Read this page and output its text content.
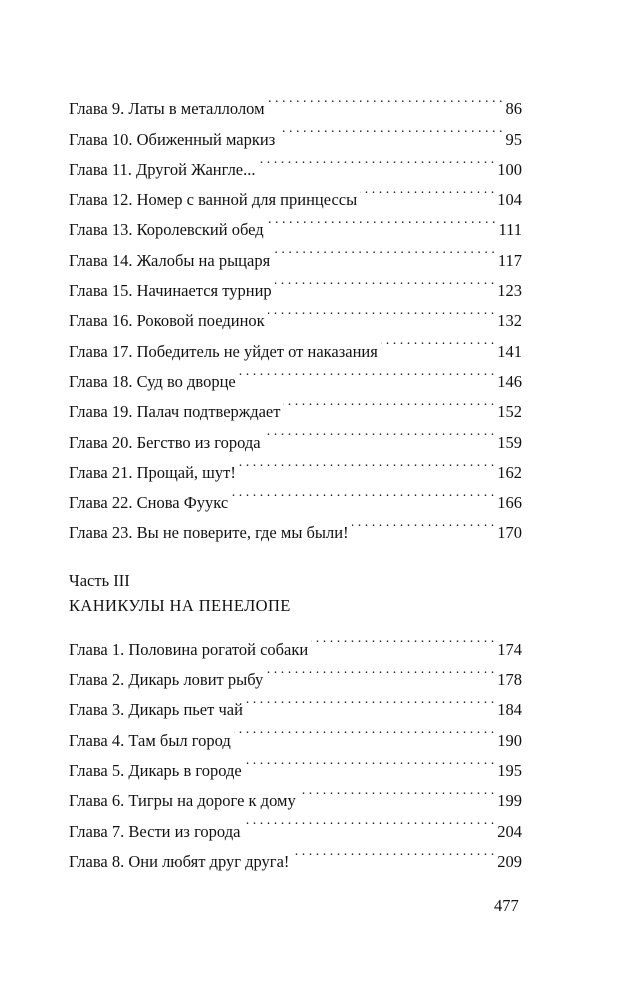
Глава 9. Латы в металлолом . . .	86
Глава 10. Обиженный маркиз . . .	95
Глава 11. Другой Жангле... . . .	100
Глава 12. Номер с ванной для принцессы . . .	104
Глава 13. Королевский обед . . .	111
Глава 14. Жалобы на рыцаря . . .	117
Глава 15. Начинается турнир . . .	123
Глава 16. Роковой поединок . . .	132
Глава 17. Победитель не уйдет от наказания . . .	141
Глава 18. Суд во дворце . . .	146
Глава 19. Палач подтверждает . . .	152
Глава 20. Бегство из города . . .	159
Глава 21. Прощай, шут! . . .	162
Глава 22. Снова Фуукс . . .	166
Глава 23. Вы не поверите, где мы были! . . .	170
Часть III
КАНИКУЛЫ НА ПЕНЕЛОПЕ
Глава 1. Половина рогатой собаки . . .	174
Глава 2. Дикарь ловит рыбу . . .	178
Глава 3. Дикарь пьет чай . . .	184
Глава 4. Там был город . . .	190
Глава 5. Дикарь в городе . . .	195
Глава 6. Тигры на дороге к дому . . .	199
Глава 7. Вести из города . . .	204
Глава 8. Они любят друг друга! . . .	209
477
